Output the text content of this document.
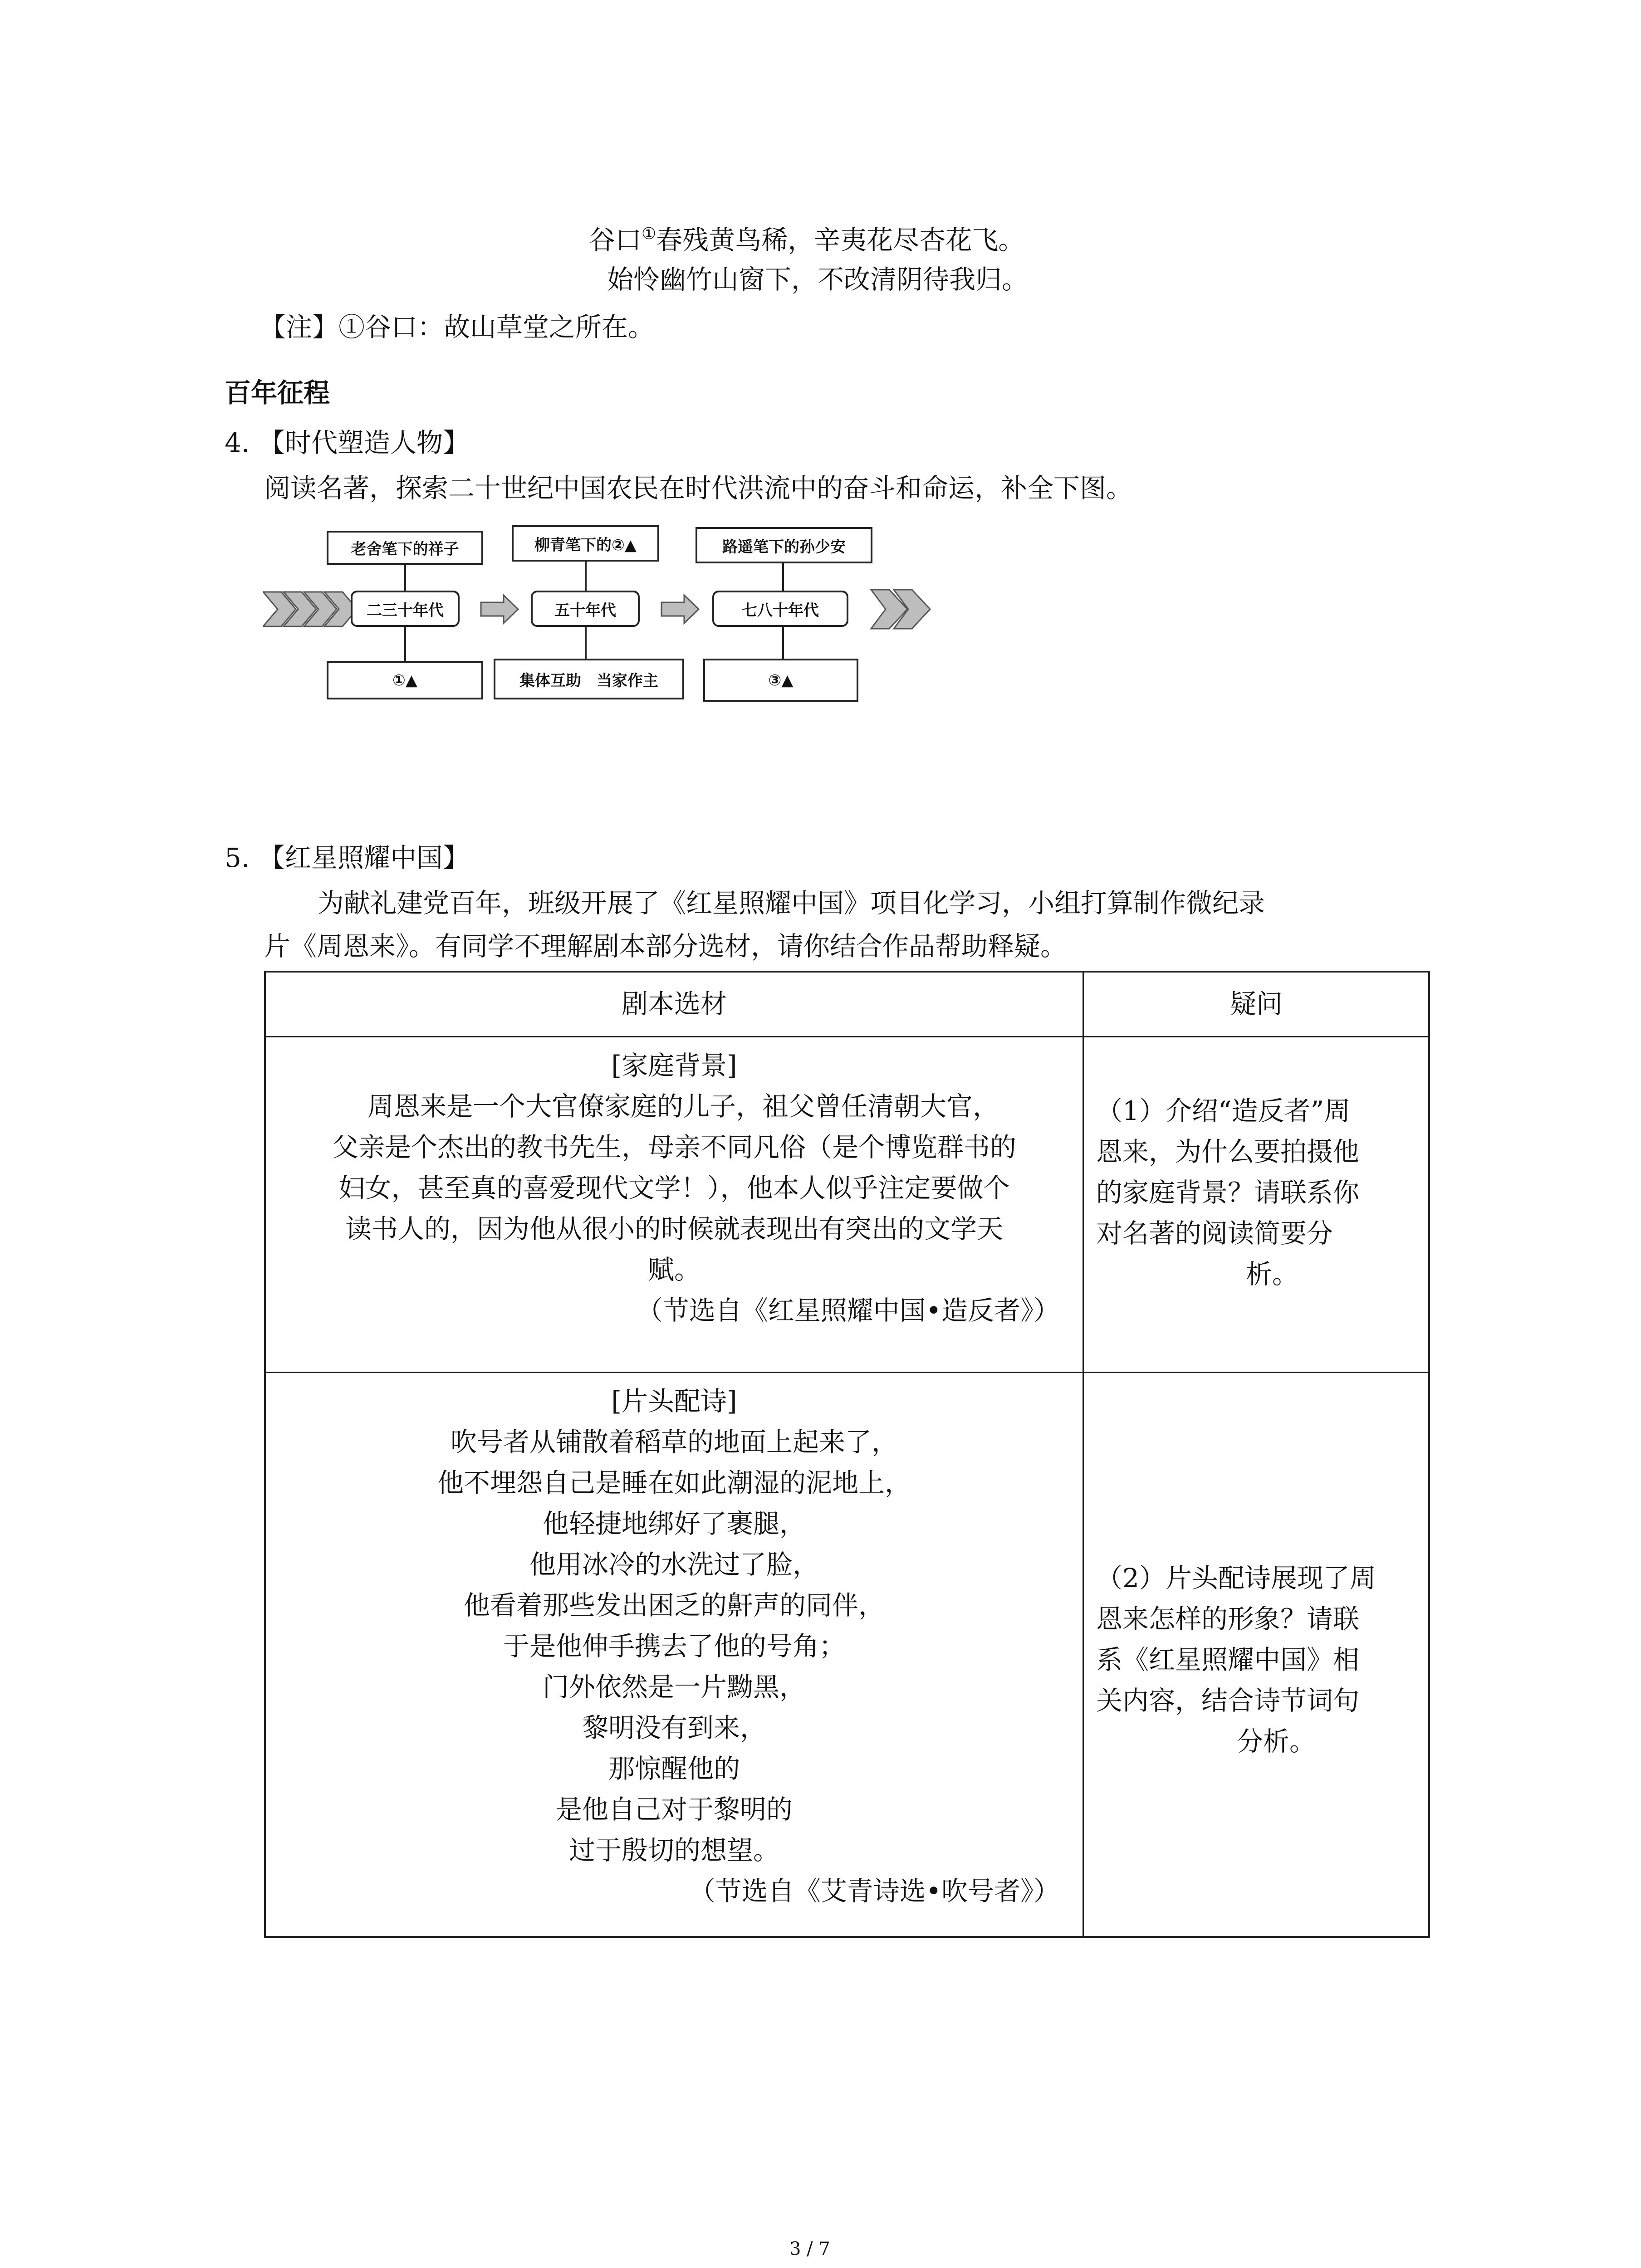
谷口①春残黄鸟稀，辛夷花尽杏花飞。
始怜幽竹山窗下，不改清阴待我归。
【注】①谷口：故山草堂之所在。
百年征程
4. 【时代塑造人物】
阅读名著，探索二十世纪中国农民在时代洪流中的奋斗和命运，补全下图。
老舍笔下的祥子
二三十年代
①▲
柳青笔下的②▲
五十年代
集体互助　当家作主
路遥笔下的孙少安
七八十年代
③▲
5. 【红星照耀中国】
为献礼建党百年，班级开展了《红星照耀中国》项目化学习，小组打算制作微纪录
片《周恩来》。有同学不理解剧本部分选材，请你结合作品帮助释疑。
剧本选材	疑问
[家庭背景]
周恩来是一个大官僚家庭的儿子，祖父曾任清朝大官，
父亲是个杰出的教书先生，母亲不同凡俗（是个博览群书的
妇女，甚至真的喜爱现代文学！），他本人似乎注定要做个
读书人的，因为他从很小的时候就表现出有突出的文学天
赋。
（节选自《红星照耀中国•造反者》）
（1）介绍“造反者”周
恩来，为什么要拍摄他
的家庭背景？请联系你
对名著的阅读简要分
析。
[片头配诗]
吹号者从铺散着稻草的地面上起来了，
他不埋怨自己是睡在如此潮湿的泥地上，
他轻捷地绑好了裹腿，
他用冰冷的水洗过了脸，
他看着那些发出困乏的鼾声的同伴，
于是他伸手携去了他的号角；
门外依然是一片黝黑，
黎明没有到来，
那惊醒他的
是他自己对于黎明的
过于殷切的想望。
（节选自《艾青诗选•吹号者》）
（2）片头配诗展现了周
恩来怎样的形象？请联
系《红星照耀中国》相
关内容，结合诗节词句
分析。
3 / 7
